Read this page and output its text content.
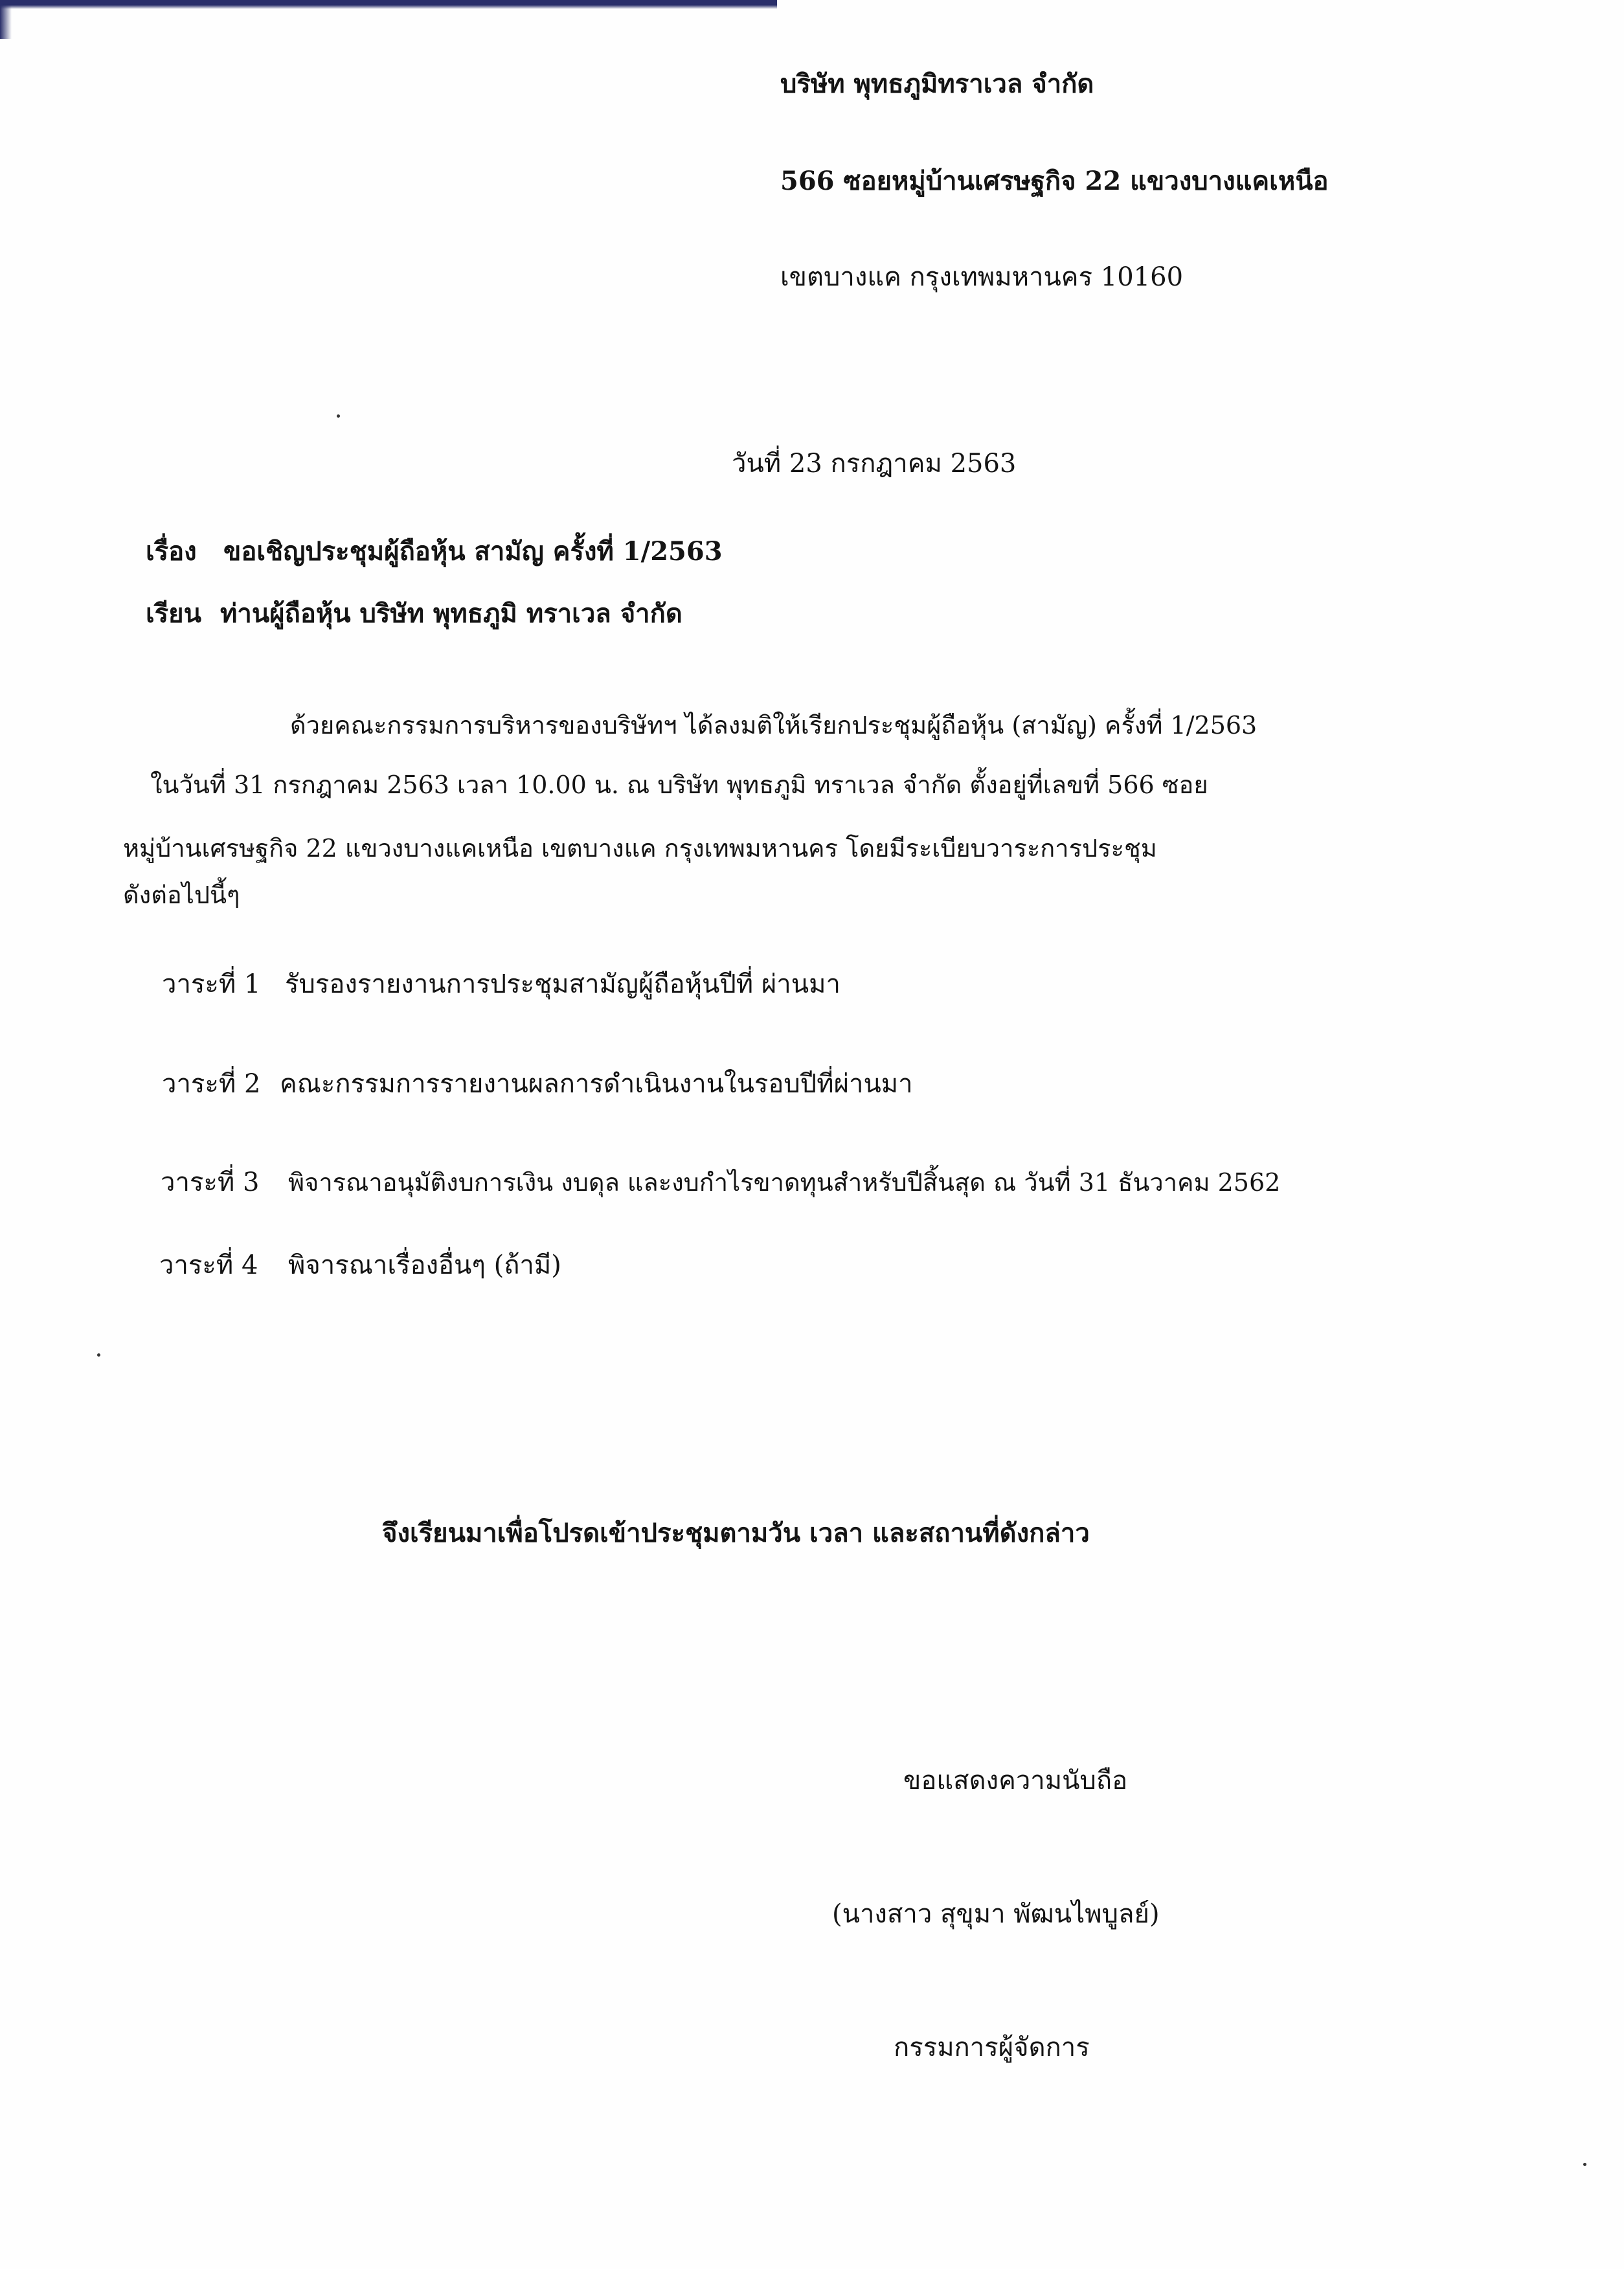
บริษัท พุทธภูมิทราเวล จำกัด
566 ซอยหมู่บ้านเศรษฐกิจ 22 แขวงบางแคเหนือ
เขตบางแค กรุงเทพมหานคร 10160
วันที่ 23 กรกฎาคม 2563
เรื่อง ขอเชิญประชุมผู้ถือหุ้น สามัญ ครั้งที่ 1/2563
เรียน ท่านผู้ถือหุ้น บริษัท พุทธภูมิ ทราเวล จำกัด
ด้วยคณะกรรมการบริหารของบริษัทฯ ได้ลงมติให้เรียกประชุมผู้ถือหุ้น (สามัญ) ครั้งที่ 1/2563
ในวันที่ 31 กรกฎาคม 2563 เวลา 10.00 น. ณ บริษัท พุทธภูมิ ทราเวล จำกัด ตั้งอยู่ที่เลขที่ 566 ซอย
หมู่บ้านเศรษฐกิจ 22 แขวงบางแคเหนือ เขตบางแค กรุงเทพมหานคร โดยมีระเบียบวาระการประชุม
ดังต่อไปนี้ๆ
วาระที่ 1 รับรองรายงานการประชุมสามัญผู้ถือหุ้นปีที่ ผ่านมา
วาระที่ 2 คณะกรรมการรายงานผลการดำเนินงานในรอบปีที่ผ่านมา
วาระที่ 3 พิจารณาอนุมัติงบการเงิน งบดุล และงบกำไรขาดทุนสำหรับปีสิ้นสุด ณ วันที่ 31 ธันวาคม 2562
วาระที่ 4 พิจารณาเรื่องอื่นๆ (ถ้ามี)
จึงเรียนมาเพื่อโปรดเข้าประชุมตามวัน เวลา และสถานที่ดังกล่าว
ขอแสดงความนับถือ
(นางสาว สุขุมา พัฒนไพบูลย์)
กรรมการผู้จัดการ
